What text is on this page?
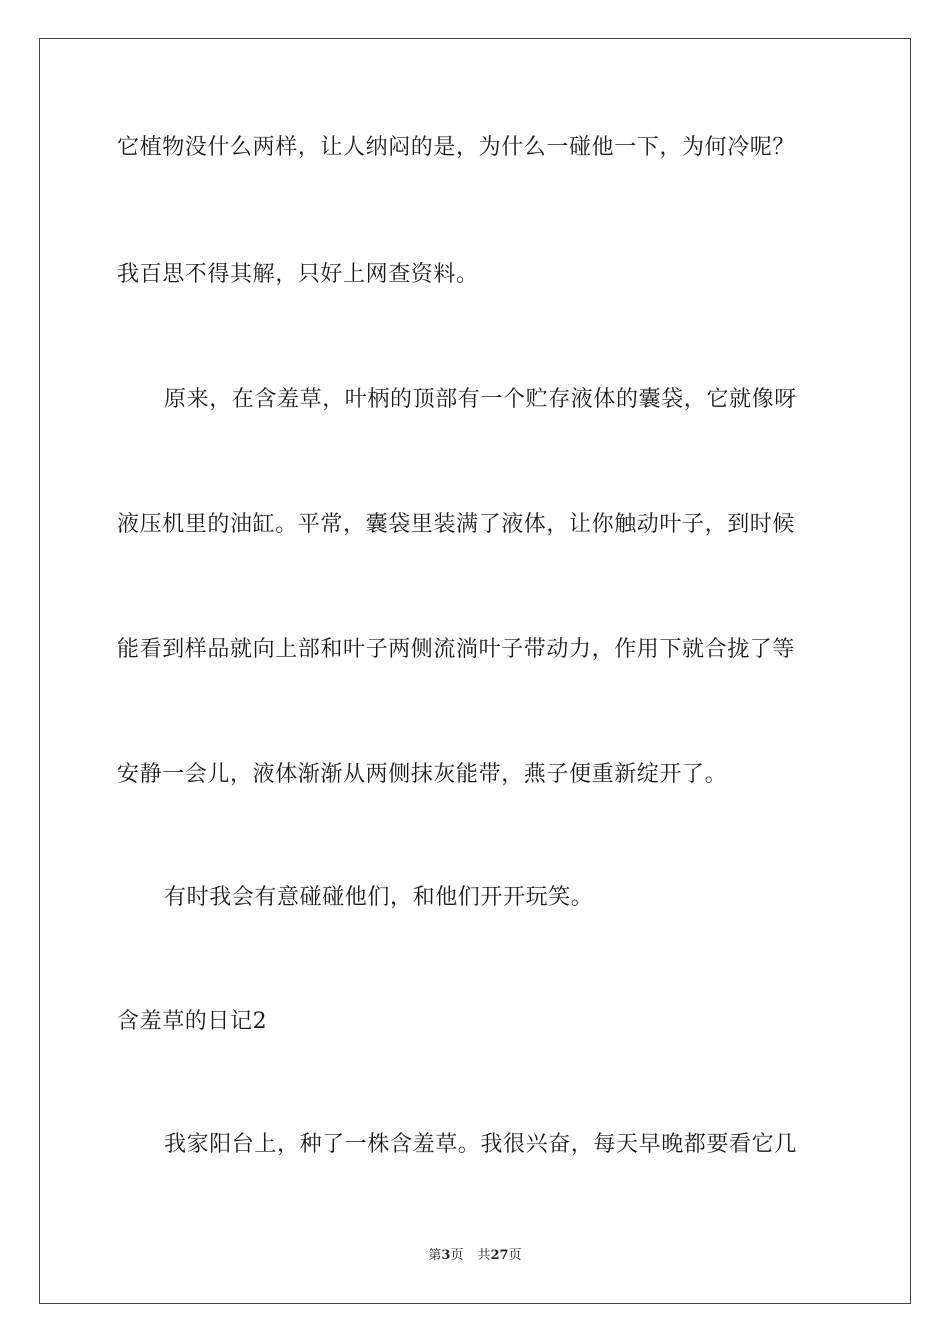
它植物没什么两样，让人纳闷的是，为什么一碰他一下，为何冷呢？
我百思不得其解，只好上网查资料。
原来，在含羞草，叶柄的顶部有一个贮存液体的囊袋，它就像呀
液压机里的油缸。平常，囊袋里装满了液体，让你触动叶子，到时候
能看到样品就向上部和叶子两侧流淌叶子带动力，作用下就合拢了等
安静一会儿，液体渐渐从两侧抹灰能带，燕子便重新绽开了。
有时我会有意碰碰他们，和他们开开玩笑。
含羞草的日记2
我家阳台上，种了一株含羞草。我很兴奋，每天早晚都要看它几
第3页 共27页
